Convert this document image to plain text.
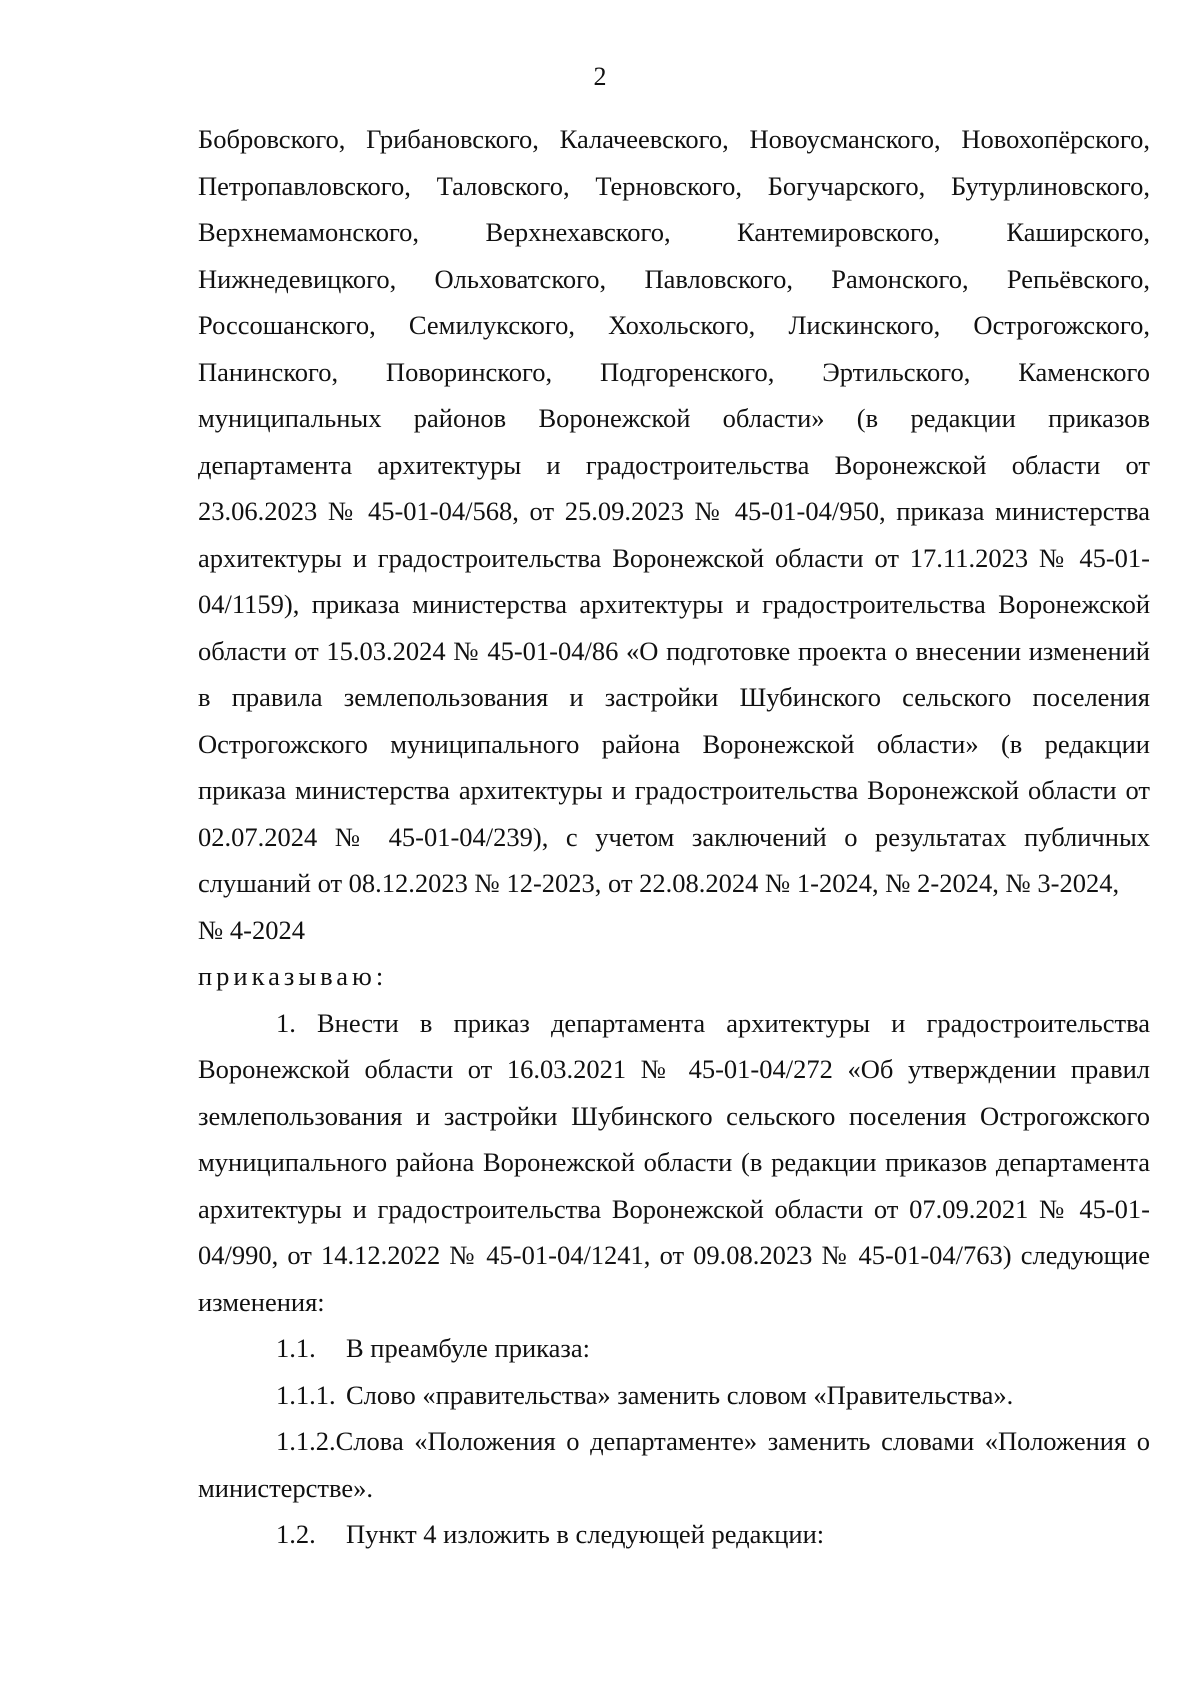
2

Бобровского, Грибановского, Калачеевского, Новоусманского, Новохопёрского, Петропавловского, Таловского, Терновского, Богучарского, Бутурлиновского, Верхнемамонского, Верхнехавского, Кантемировского, Каширского, Нижнедевицкого, Ольховатского, Павловского, Рамонского, Репьёвского, Россошанского, Семилукского, Хохольского, Лискинского, Острогожского, Панинского, Поворинского, Подгоренского, Эртильского, Каменского муниципальных районов Воронежской области» (в редакции приказов департамента архитектуры и градостроительства Воронежской области от 23.06.2023 № 45-01-04/568, от 25.09.2023 № 45-01-04/950, приказа министерства архитектуры и градостроительства Воронежской области от 17.11.2023 № 45-01-04/1159), приказа министерства архитектуры и градостроительства Воронежской области от 15.03.2024 № 45-01-04/86 «О подготовке проекта о внесении изменений в правила землепользования и застройки Шубинского сельского поселения Острогожского муниципального района Воронежской области» (в редакции приказа министерства архитектуры и градостроительства Воронежской области от 02.07.2024 № 45-01-04/239), с учетом заключений о результатах публичных слушаний от 08.12.2023 № 12-2023, от 22.08.2024 № 1-2024, № 2-2024, № 3-2024,

№ 4-2024

приказываю:

1. Внести в приказ департамента архитектуры и градостроительства Воронежской области от 16.03.2021 № 45-01-04/272 «Об утверждении правил землепользования и застройки Шубинского сельского поселения Острогожского муниципального района Воронежской области (в редакции приказов департамента архитектуры и градостроительства Воронежской области от 07.09.2021 № 45-01-04/990, от 14.12.2022 № 45-01-04/1241, от 09.08.2023 № 45-01-04/763) следующие изменения:

1.1. В преамбуле приказа:

1.1.1. Слово «правительства» заменить словом «Правительства».

1.1.2.Слова «Положения о департаменте» заменить словами «Положения о министерстве».

1.2. Пункт 4 изложить в следующей редакции:
